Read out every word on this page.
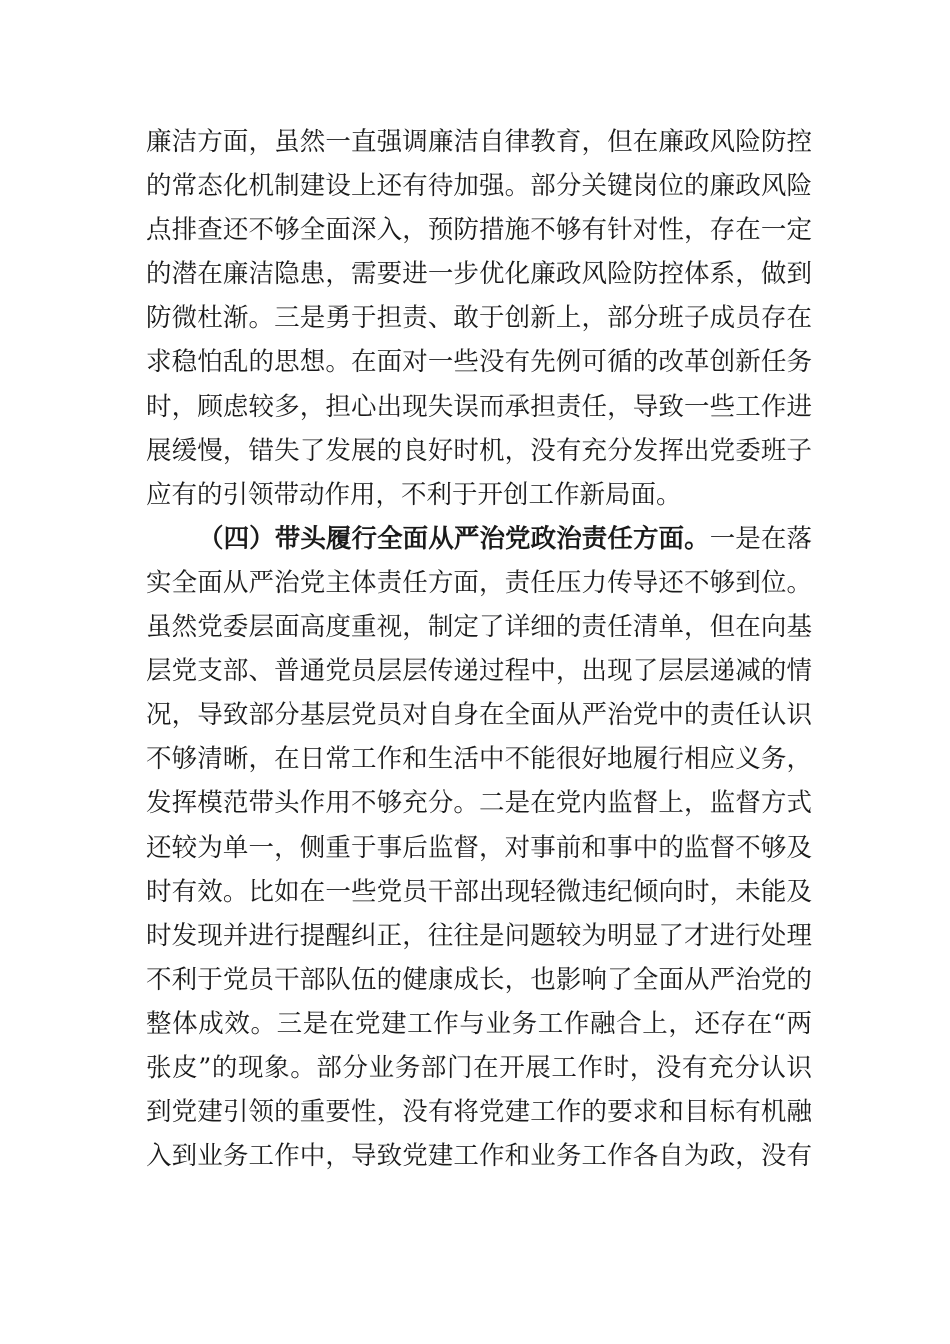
廉洁方面，虽然一直强调廉洁自律教育，但在廉政风险防控

的常态化机制建设上还有待加强。部分关键岗位的廉政风险

点排查还不够全面深入，预防措施不够有针对性，存在一定

的潜在廉洁隐患，需要进一步优化廉政风险防控体系，做到

防微杜渐。三是勇于担责、敢于创新上，部分班子成员存在

求稳怕乱的思想。在面对一些没有先例可循的改革创新任务

时，顾虑较多，担心出现失误而承担责任，导致一些工作进

展缓慢，错失了发展的良好时机，没有充分发挥出党委班子

应有的引领带动作用，不利于开创工作新局面。

（四）带头履行全面从严治党政治责任方面。一是在落

实全面从严治党主体责任方面，责任压力传导还不够到位。

虽然党委层面高度重视，制定了详细的责任清单，但在向基

层党支部、普通党员层层传递过程中，出现了层层递减的情

况，导致部分基层党员对自身在全面从严治党中的责任认识

不够清晰，在日常工作和生活中不能很好地履行相应义务，

发挥模范带头作用不够充分。二是在党内监督上，监督方式

还较为单一，侧重于事后监督，对事前和事中的监督不够及

时有效。比如在一些党员干部出现轻微违纪倾向时，未能及

时发现并进行提醒纠正，往往是问题较为明显了才进行处理

不利于党员干部队伍的健康成长，也影响了全面从严治党的

整体成效。三是在党建工作与业务工作融合上，还存在“两

张皮”的现象。部分业务部门在开展工作时，没有充分认识

到党建引领的重要性，没有将党建工作的要求和目标有机融

入到业务工作中，导致党建工作和业务工作各自为政，没有
